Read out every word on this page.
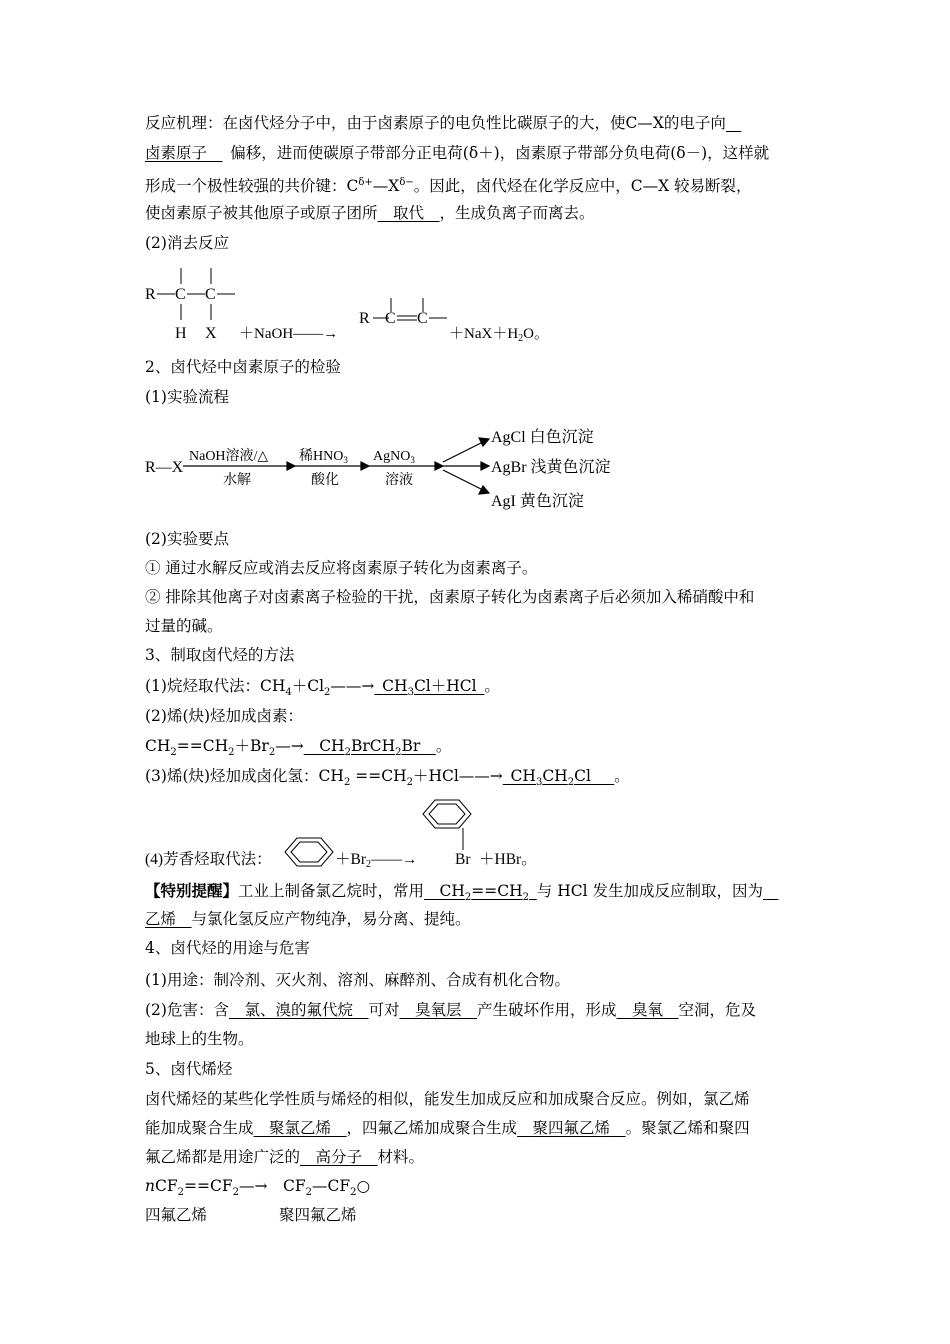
反应机理：在卤代烃分子中，由于卤素原子的电负性比碳原子的大，使C—X的电子向  
卤素原子    偏移，进而使碳原子带部分正电荷(δ＋)，卤素原子带部分负电荷(δ－)，这样就
形成一个极性较强的共价键：$C^{\delta+}—X^{\delta-}$。因此，卤代烃在化学反应中，C—X 较易断裂，
使卤素原子被其他原子或原子团所   取代   ，生成负离子而离去。
(2)消去反应
R C C
H X ＋NaOH——→
R C C
$+NaX+H_2O$。
2、卤代烃中卤素原子的检验
(1)实验流程
R—X
NaOH溶液/△
水解
稀$HNO_3$
酸化
AgNO$_3$
溶液
AgCl 白色沉淀
AgBr 浅黄色沉淀
AgI 黄色沉淀
(2)实验要点
① 通过水解反应或消去反应将卤素原子转化为卤素离子。
② 排除其他离子对卤素离子检验的干扰，卤素原子转化为卤素离子后必须加入稀硝酸中和
过量的碱。
3、制取卤代烃的方法
(1)烷烃取代法：$CH_4+Cl_2——\to$  $CH_3Cl+HCl$  。
(2)烯(炔)烃加成卤素：
$CH_2==CH_2+Br_2—\to$   $CH_2BrCH_2Br$   。
(3)烯(炔)烃加成卤化氢：$CH_2$ $==CH_2+HCl——\to$  $CH_3CH_2Cl$    。
(4)芳香烃取代法：	＋Br2——→ Br ＋HBr。
【特别提醒】工业上制备氯乙烷时，常用   $CH_2==CH_2$  与 HCl 发生加成反应制取，因为  
乙烯   与氯化氢反应产物纯净，易分离、提纯。
4、卤代烃的用途与危害
(1)用途：制冷剂、灭火剂、溶剂、麻醉剂、合成有机化合物。
(2)危害：含   氯、溴的氟代烷   可对   臭氧层   产生破坏作用，形成   臭氧   空洞，危及
地球上的生物。
5、卤代烯烃
卤代烯烃的某些化学性质与烯烃的相似，能发生加成反应和加成聚合反应。例如，氯乙烯
能加成聚合生成   聚氯乙烯   ，四氟乙烯加成聚合生成   聚四氟乙烯   。聚氯乙烯和聚四
氟乙烯都是用途广泛的   高分子   材料。
$nCF_2==CF_2—\to$   $CF_2—CF_2○$
四氟乙烯	聚四氟乙烯
